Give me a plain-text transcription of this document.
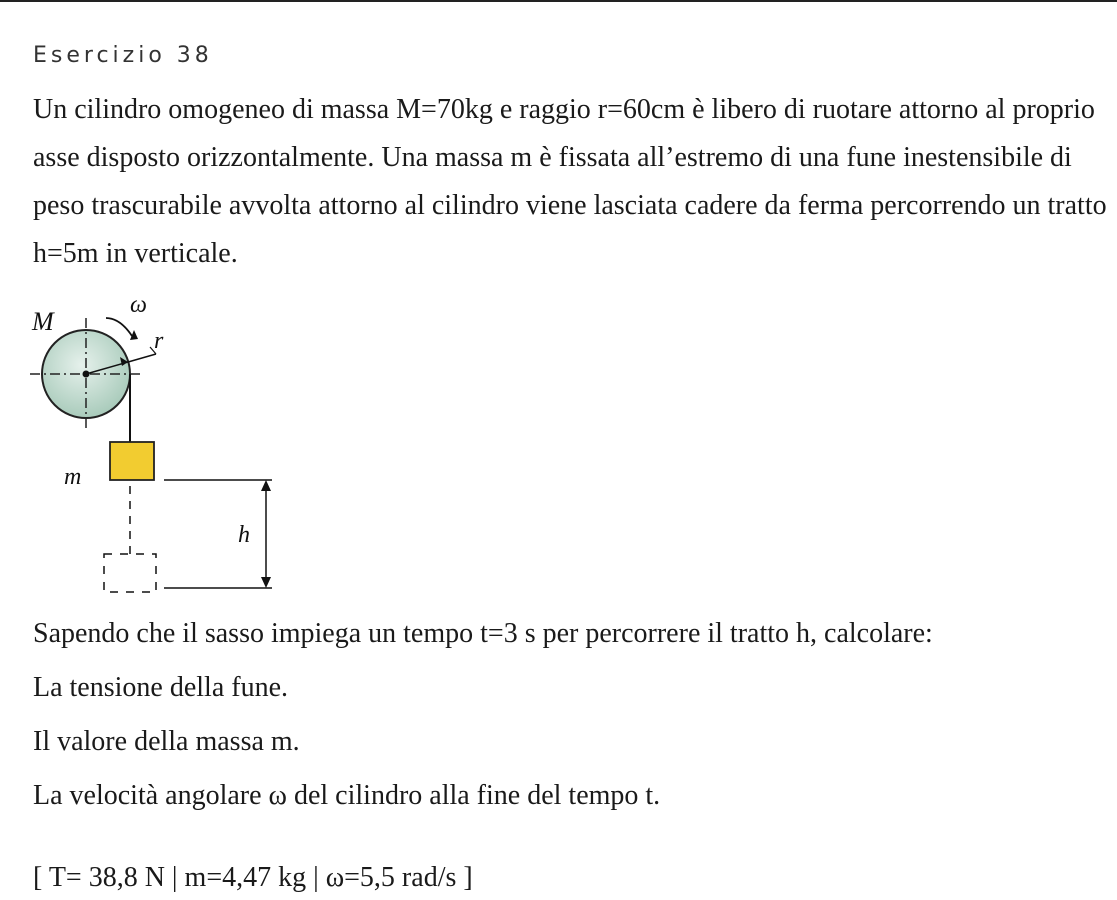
Esercizio 38

Un cilindro omogeneo di massa M=70kg e raggio r=60cm è libero di ruotare attorno al proprio asse disposto orizzontalmente. Una massa m è fissata all’estremo di una fune inestensibile di peso trascurabile avvolta attorno al cilindro viene lasciata cadere da ferma percorrendo un tratto h=5m in verticale.

M
ω
r
m
h
Sapendo che il sasso impiega un tempo t=3 s per percorrere il tratto h, calcolare:
La tensione della fune.
Il valore della massa m.
La velocità angolare ω del cilindro alla fine del tempo t.
[ T= 38,8 N | m=4,47 kg | ω=5,5 rad/s ]
